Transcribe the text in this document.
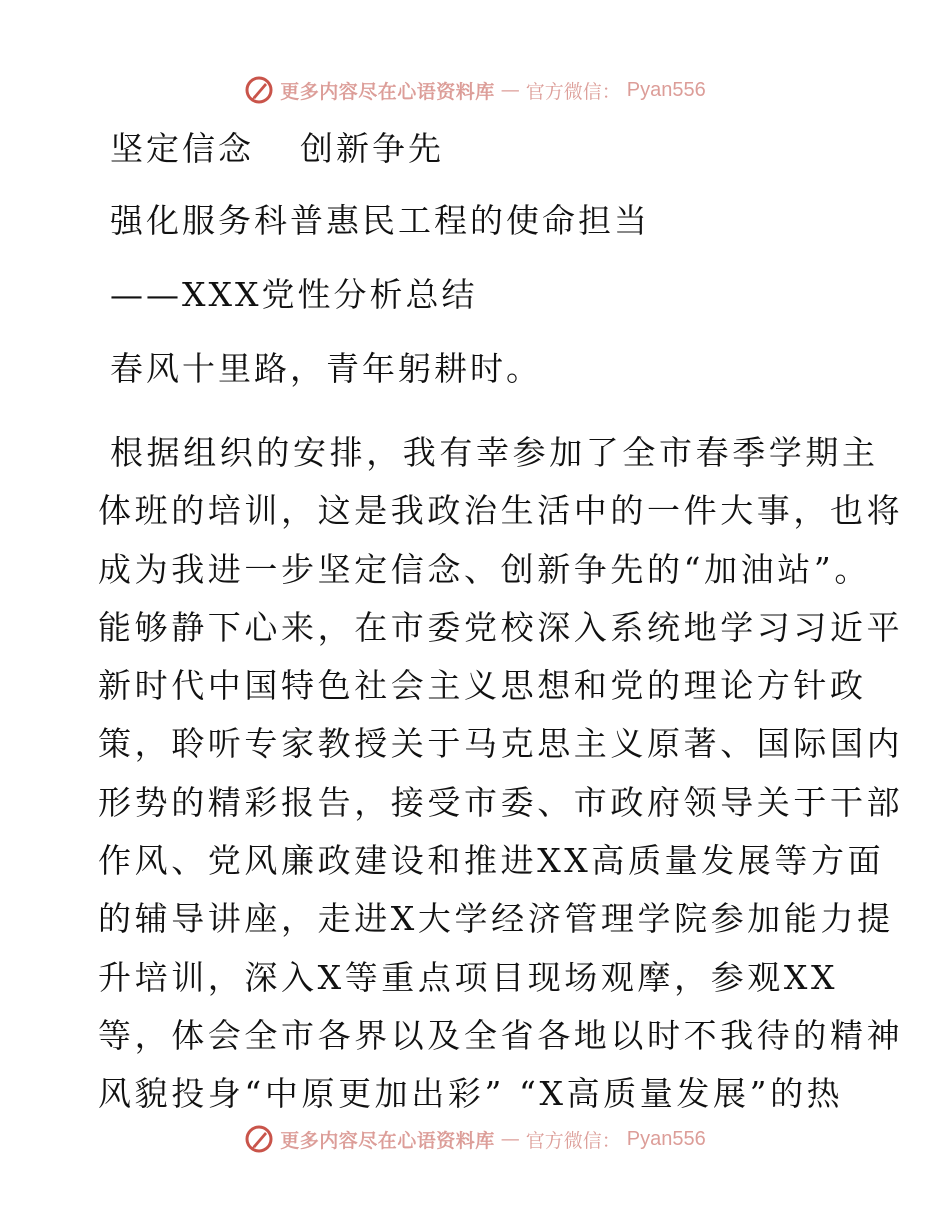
更多内容尽在心语资料库 — 官方微信： Pyan556
坚定信念 创新争先
强化服务科普惠民工程的使命担当
——XXX党性分析总结
春风十里路，青年躬耕时。
根据组织的安排，我有幸参加了全市春季学期主
体班的培训，这是我政治生活中的一件大事，也将
成为我进一步坚定信念、创新争先的“加油站”。
能够静下心来，在市委党校深入系统地学习习近平
新时代中国特色社会主义思想和党的理论方针政
策，聆听专家教授关于马克思主义原著、国际国内
形势的精彩报告，接受市委、市政府领导关于干部
作风、党风廉政建设和推进XX高质量发展等方面
的辅导讲座，走进X大学经济管理学院参加能力提
升培训，深入X等重点项目现场观摩，参观XX
等，体会全市各界以及全省各地以时不我待的精神
风貌投身“中原更加出彩” “X高质量发展”的热
更多内容尽在心语资料库 — 官方微信： Pyan556
